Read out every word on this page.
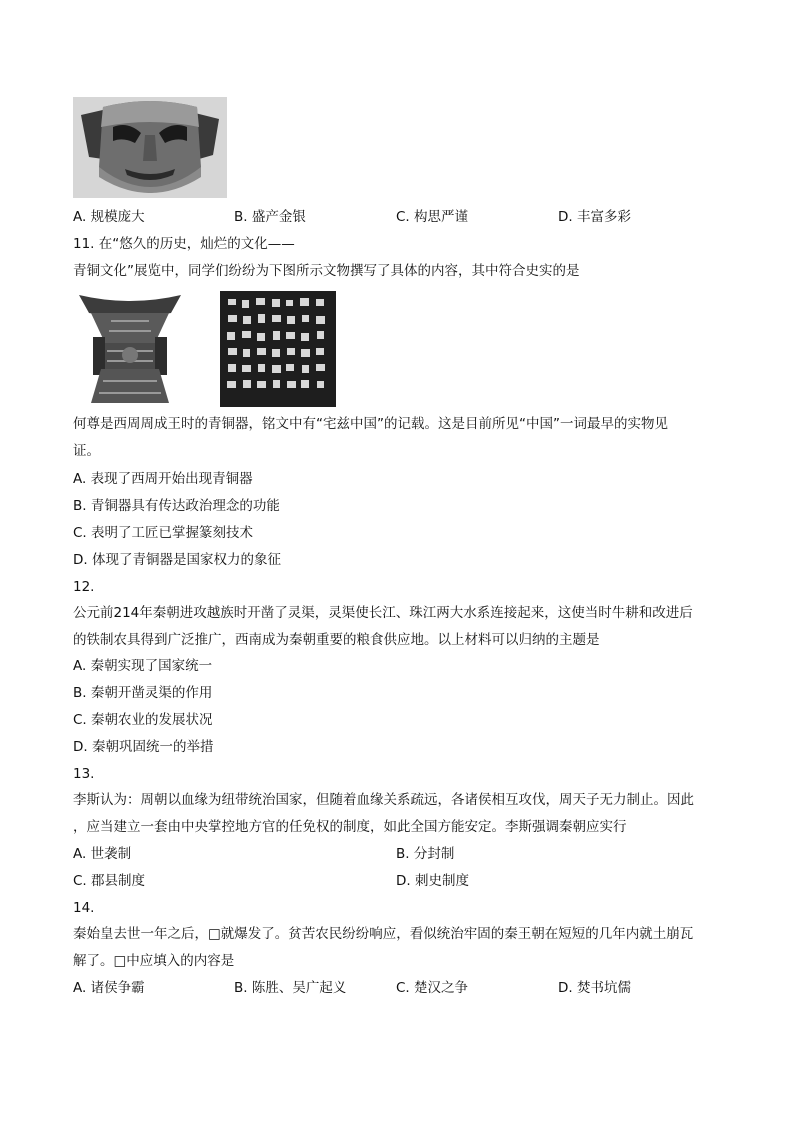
A. 规模庞大	B. 盛产金银	C. 构思严谨	D. 丰富多彩
11. 在“悠久的历史，灿烂的文化——
青铜文化”展览中，同学们纷纷为下图所示文物撰写了具体的内容，其中符合史实的是
何尊是西周周成王时的青铜器，铭文中有“宅兹中国”的记载。这是目前所见“中国”一词最早的实物见
证。
A. 表现了西周开始出现青铜器
B. 青铜器具有传达政治理念的功能
C. 表明了工匠已掌握篆刻技术
D. 体现了青铜器是国家权力的象征
12.
公元前214年秦朝进攻越族时开凿了灵渠，灵渠使长江、珠江两大水系连接起来，这使当时牛耕和改进后
的铁制农具得到广泛推广，西南成为秦朝重要的粮食供应地。以上材料可以归纳的主题是
A. 秦朝实现了国家统一
B. 秦朝开凿灵渠的作用
C. 秦朝农业的发展状况
D. 秦朝巩固统一的举措
13.
李斯认为：周朝以血缘为纽带统治国家，但随着血缘关系疏远，各诸侯相互攻伐，周天子无力制止。因此
，应当建立一套由中央掌控地方官的任免权的制度，如此全国方能安定。李斯强调秦朝应实行
A. 世袭制	B. 分封制
C. 郡县制度	D. 刺史制度
14.
秦始皇去世一年之后，□就爆发了。贫苦农民纷纷响应，看似统治牢固的秦王朝在短短的几年内就土崩瓦
解了。□中应填入的内容是
A. 诸侯争霸	B. 陈胜、吴广起义	C. 楚汉之争	D. 焚书坑儒
